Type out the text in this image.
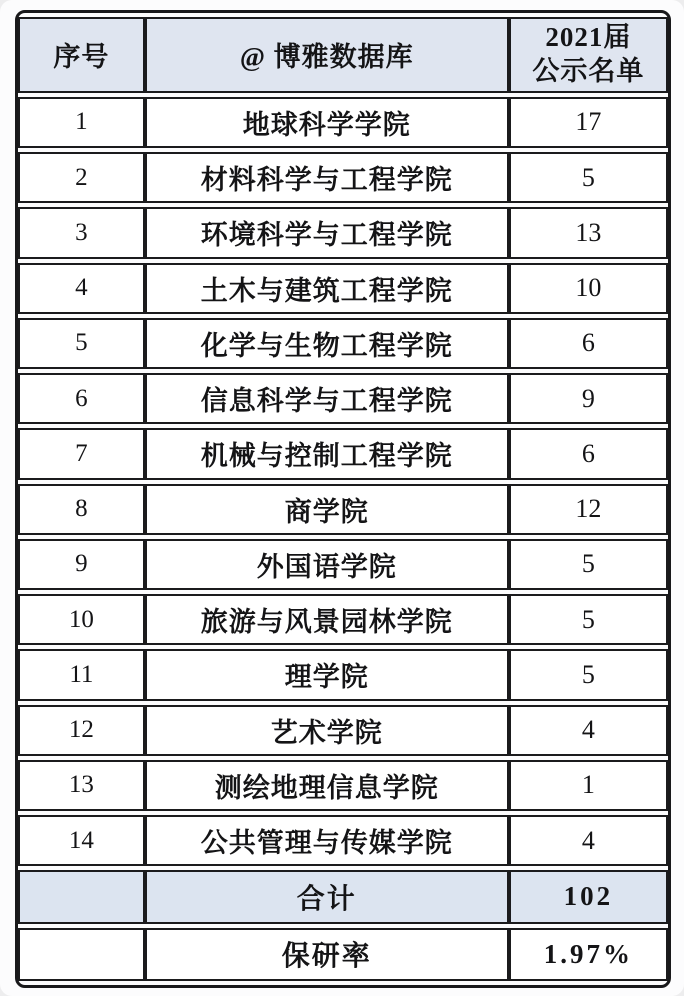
序号	@ 博雅数据库	2021届
公示名单

1	地球科学学院	17
2	材料科学与工程学院	5
3	环境科学与工程学院	13
4	土木与建筑工程学院	10
5	化学与生物工程学院	6
6	信息科学与工程学院	9
7	机械与控制工程学院	6
8	商学院	12
9	外国语学院	5
10	旅游与风景园林学院	5
11	理学院	5
12	艺术学院	4
13	测绘地理信息学院	1
14	公共管理与传媒学院	4
	合计	102
	保研率	1.97%
